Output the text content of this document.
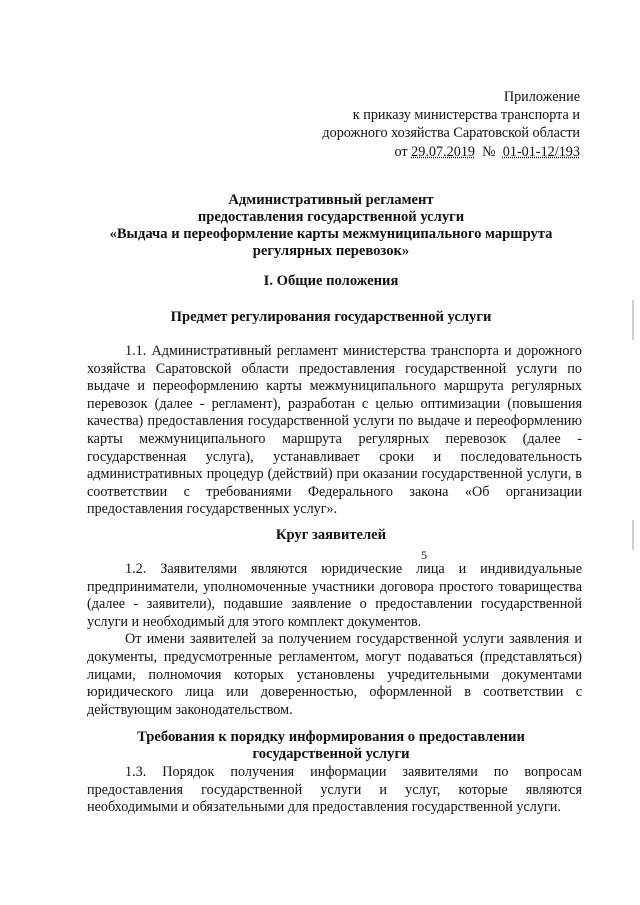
Приложение
к приказу министерства транспорта и
дорожного хозяйства Саратовской области
от 29.07.2019  №  01-01-12/193
Административный регламент
предоставления государственной услуги
«Выдача и переоформление карты межмуниципального маршрута
регулярных перевозок»
I. Общие положения
Предмет регулирования государственной услуги

1.1. Административный регламент министерства транспорта и дорожного хозяйства Саратовской области предоставления государственной услуги по выдаче и переоформлению карты межмуниципального маршрута регулярных перевозок (далее - регламент), разработан с целью оптимизации (повышения качества) предоставления государственной услуги по выдаче и переоформлению карты межмуниципального маршрута регулярных перевозок (далее - государственная услуга), устанавливает сроки и последовательность административных процедур (действий) при оказании государственной услуги, в соответствии с требованиями Федерального закона «Об организации предоставления государственных услуг».

Круг заявителей
5

1.2. Заявителями являются юридические лица и индивидуальные предприниматели, уполномоченные участники договора простого товарищества (далее - заявители), подавшие заявление о предоставлении государственной услуги и необходимый для этого комплект документов.

От имени заявителей за получением государственной услуги заявления и документы, предусмотренные регламентом, могут подаваться (представляться) лицами, полномочия которых установлены учредительными документами юридического лица или доверенностью, оформленной в соответствии с действующим законодательством.

Требования к порядку информирования о предоставлении
государственной услуги

1.3. Порядок получения информации заявителями по вопросам предоставления государственной услуги и услуг, которые являются необходимыми и обязательными для предоставления государственной услуги.
